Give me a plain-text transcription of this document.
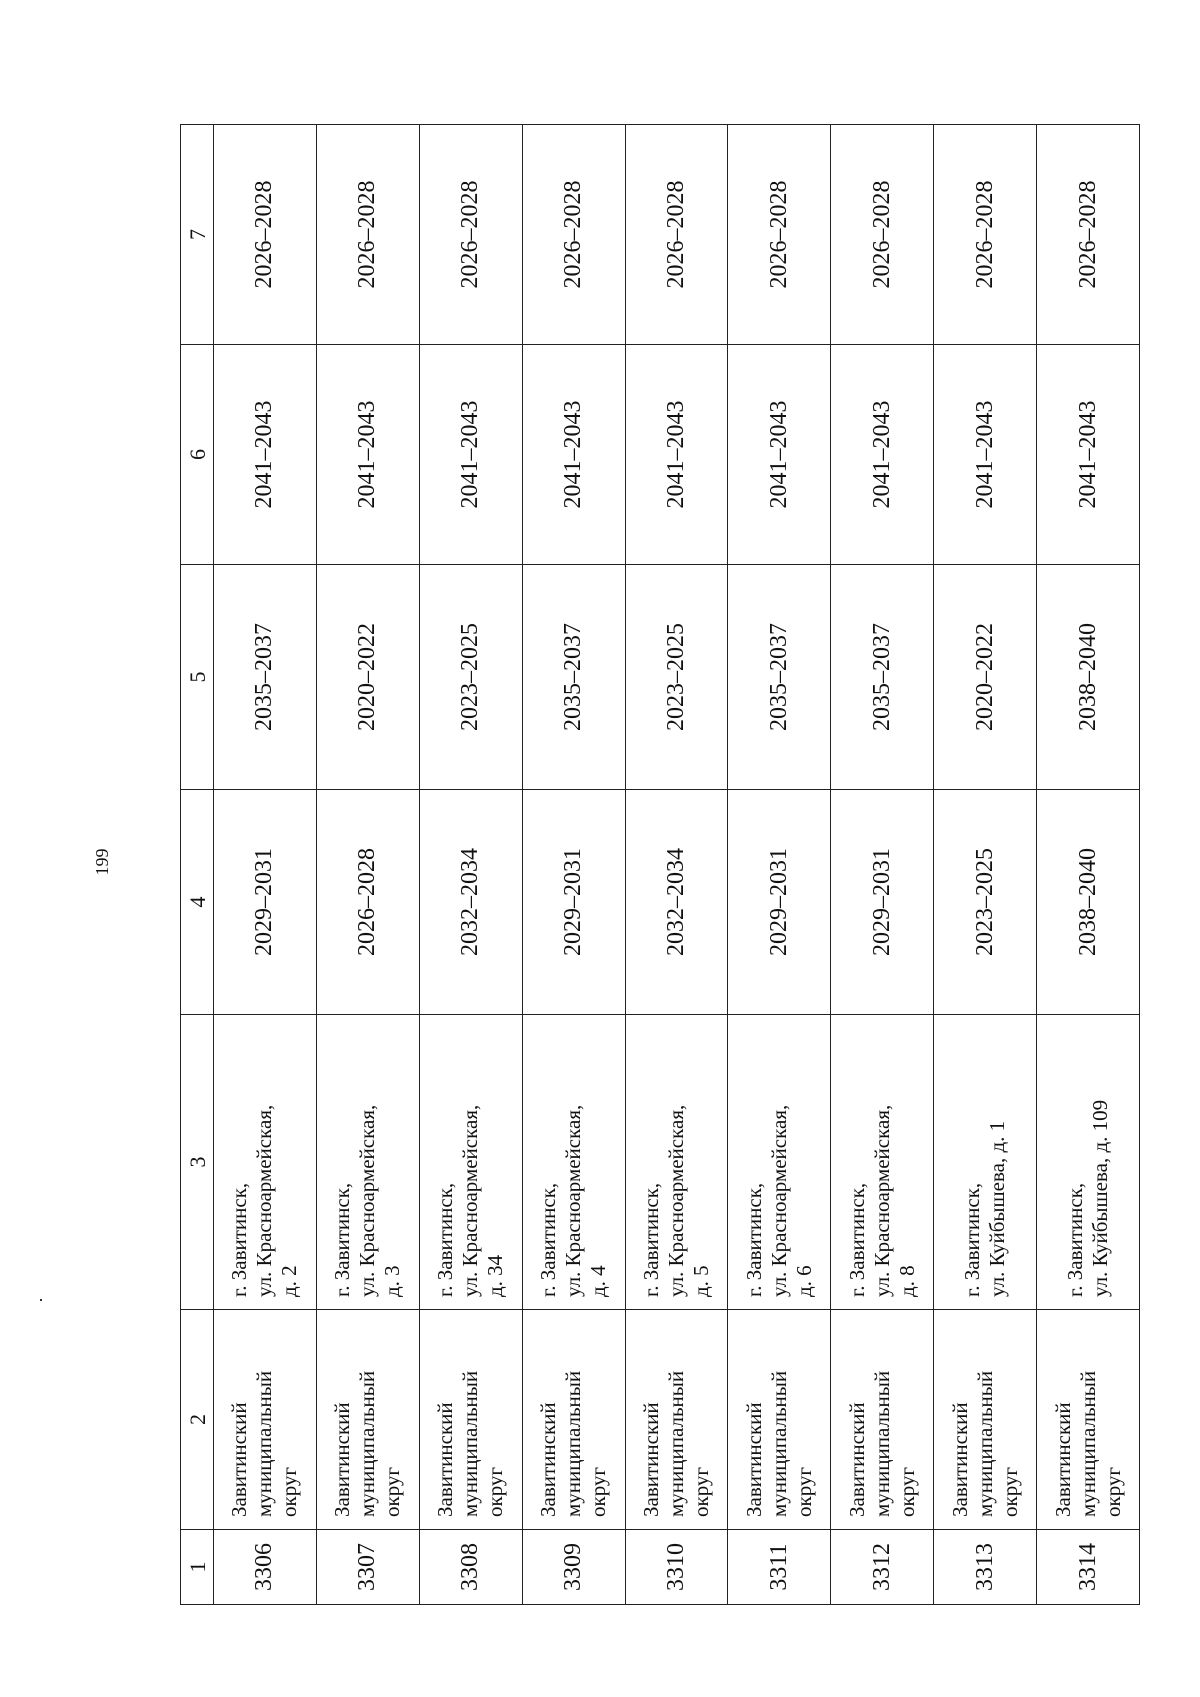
199
1	2	3	4	5	6	7
3306	Завитинский муниципальный округ	г. Завитинск, ул. Красноармейская, д. 2	2029–2031	2035–2037	2041–2043	2026–2028
3307	Завитинский муниципальный округ	г. Завитинск, ул. Красноармейская, д. 3	2026–2028	2020–2022	2041–2043	2026–2028
3308	Завитинский муниципальный округ	г. Завитинск, ул. Красноармейская, д. 34	2032–2034	2023–2025	2041–2043	2026–2028
3309	Завитинский муниципальный округ	г. Завитинск, ул. Красноармейская, д. 4	2029–2031	2035–2037	2041–2043	2026–2028
3310	Завитинский муниципальный округ	г. Завитинск, ул. Красноармейская, д. 5	2032–2034	2023–2025	2041–2043	2026–2028
3311	Завитинский муниципальный округ	г. Завитинск, ул. Красноармейская, д. 6	2029–2031	2035–2037	2041–2043	2026–2028
3312	Завитинский муниципальный округ	г. Завитинск, ул. Красноармейская, д. 8	2029–2031	2035–2037	2041–2043	2026–2028
3313	Завитинский муниципальный округ	г. Завитинск, ул. Куйбышева, д. 1	2023–2025	2020–2022	2041–2043	2026–2028
3314	Завитинский муниципальный округ	г. Завитинск, ул. Куйбышева, д. 109	2038–2040	2038–2040	2041–2043	2026–2028
